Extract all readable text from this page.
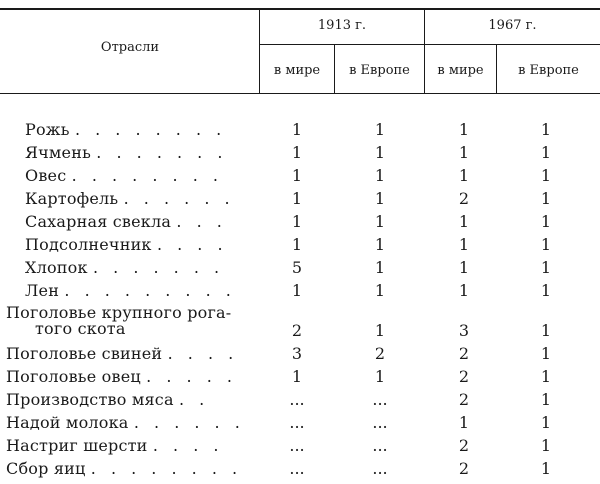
Отрасли
1913 г.	1967 г.
в мире	в Европе	в мире	в Европе
Рожь . . . . . . . .	1	1	1	1
Ячмень . . . . . . .	1	1	1	1
Овес . . . . . . . .	1	1	1	1
Картофель . . . . . .	1	1	2	1
Сахарная свекла . . .	1	1	1	1
Подсолнечник . . . .	1	1	1	1
Хлопок . . . . . . .	5	1	1	1
Лен . . . . . . . . .	1	1	1	1
Поголовье крупного рога-
того скота	2	1	3	1
Поголовье свиней . . . .	3	2	2	1
Поголовье овец . . . . .	1	1	2	1
Производство мяса . .	...	...	2	1
Надой молока . . . . . .	...	...	1	1
Настриг шерсти . . . .	...	...	2	1
Сбор яиц . . . . . . . .	...	...	2	1
